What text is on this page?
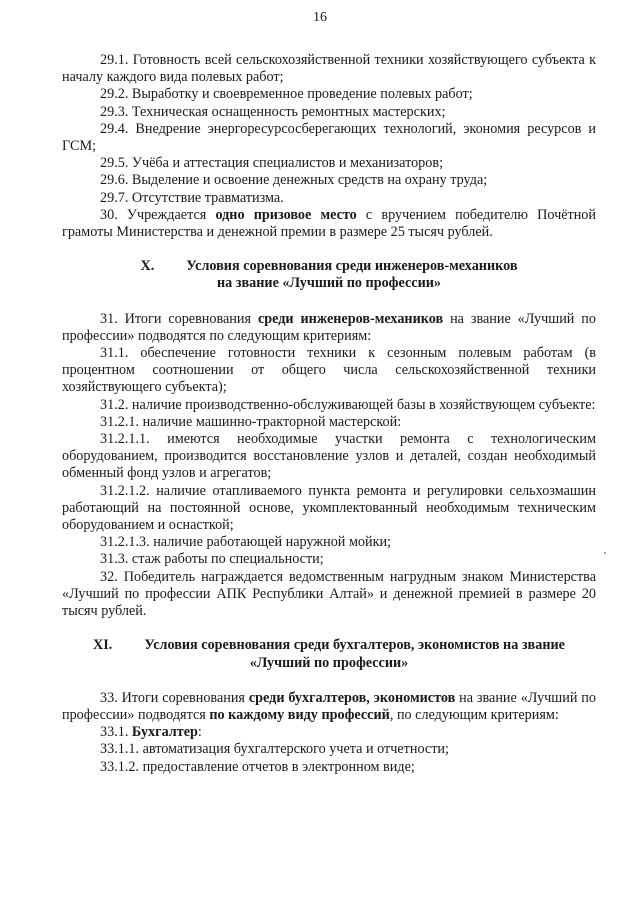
16

29.1. Готовность всей сельскохозяйственной техники хозяйствующего субъекта к началу каждого вида полевых работ;

29.2. Выработку и своевременное проведение полевых работ;

29.3. Техническая оснащенность ремонтных мастерских;

29.4. Внедрение энергоресурсосберегающих технологий, экономия ресурсов и ГСМ;

29.5. Учёба и аттестация специалистов и механизаторов;

29.6. Выделение и освоение денежных средств на охрану труда;

29.7. Отсутствие травматизма.

30. Учреждается одно призовое место с вручением победителю Почётной грамоты Министерства и денежной премии в размере 25 тысяч рублей.

X. Условия соревнования среди инженеров-механиков
на звание «Лучший по профессии»

31. Итоги соревнования среди инженеров-механиков на звание «Лучший по профессии» подводятся по следующим критериям:

31.1. обеспечение готовности техники к сезонным полевым работам (в процентном соотношении от общего числа сельскохозяйственной техники хозяйствующего субъекта);

31.2. наличие производственно-обслуживающей базы в хозяйствующем субъекте:

31.2.1. наличие машинно-тракторной мастерской:

31.2.1.1. имеются необходимые участки ремонта с технологическим оборудованием, производится восстановление узлов и деталей, создан необходимый обменный фонд узлов и агрегатов;

31.2.1.2. наличие отапливаемого пункта ремонта и регулировки сельхозмашин работающий на постоянной основе, укомплектованный необходимым техническим оборудованием и оснасткой;

31.2.1.3. наличие работающей наружной мойки;

31.3. стаж работы по специальности;

32. Победитель награждается ведомственным нагрудным знаком Министерства «Лучший по профессии АПК Республики Алтай» и денежной премией в размере 20 тысяч рублей.

XI. Условия соревнования среди бухгалтеров, экономистов на звание
«Лучший по профессии»

33. Итоги соревнования среди бухгалтеров, экономистов на звание «Лучший по профессии» подводятся по каждому виду профессий, по следующим критериям:

33.1. Бухгалтер:

33.1.1. автоматизация бухгалтерского учета и отчетности;

33.1.2. предоставление отчетов в электронном виде;
